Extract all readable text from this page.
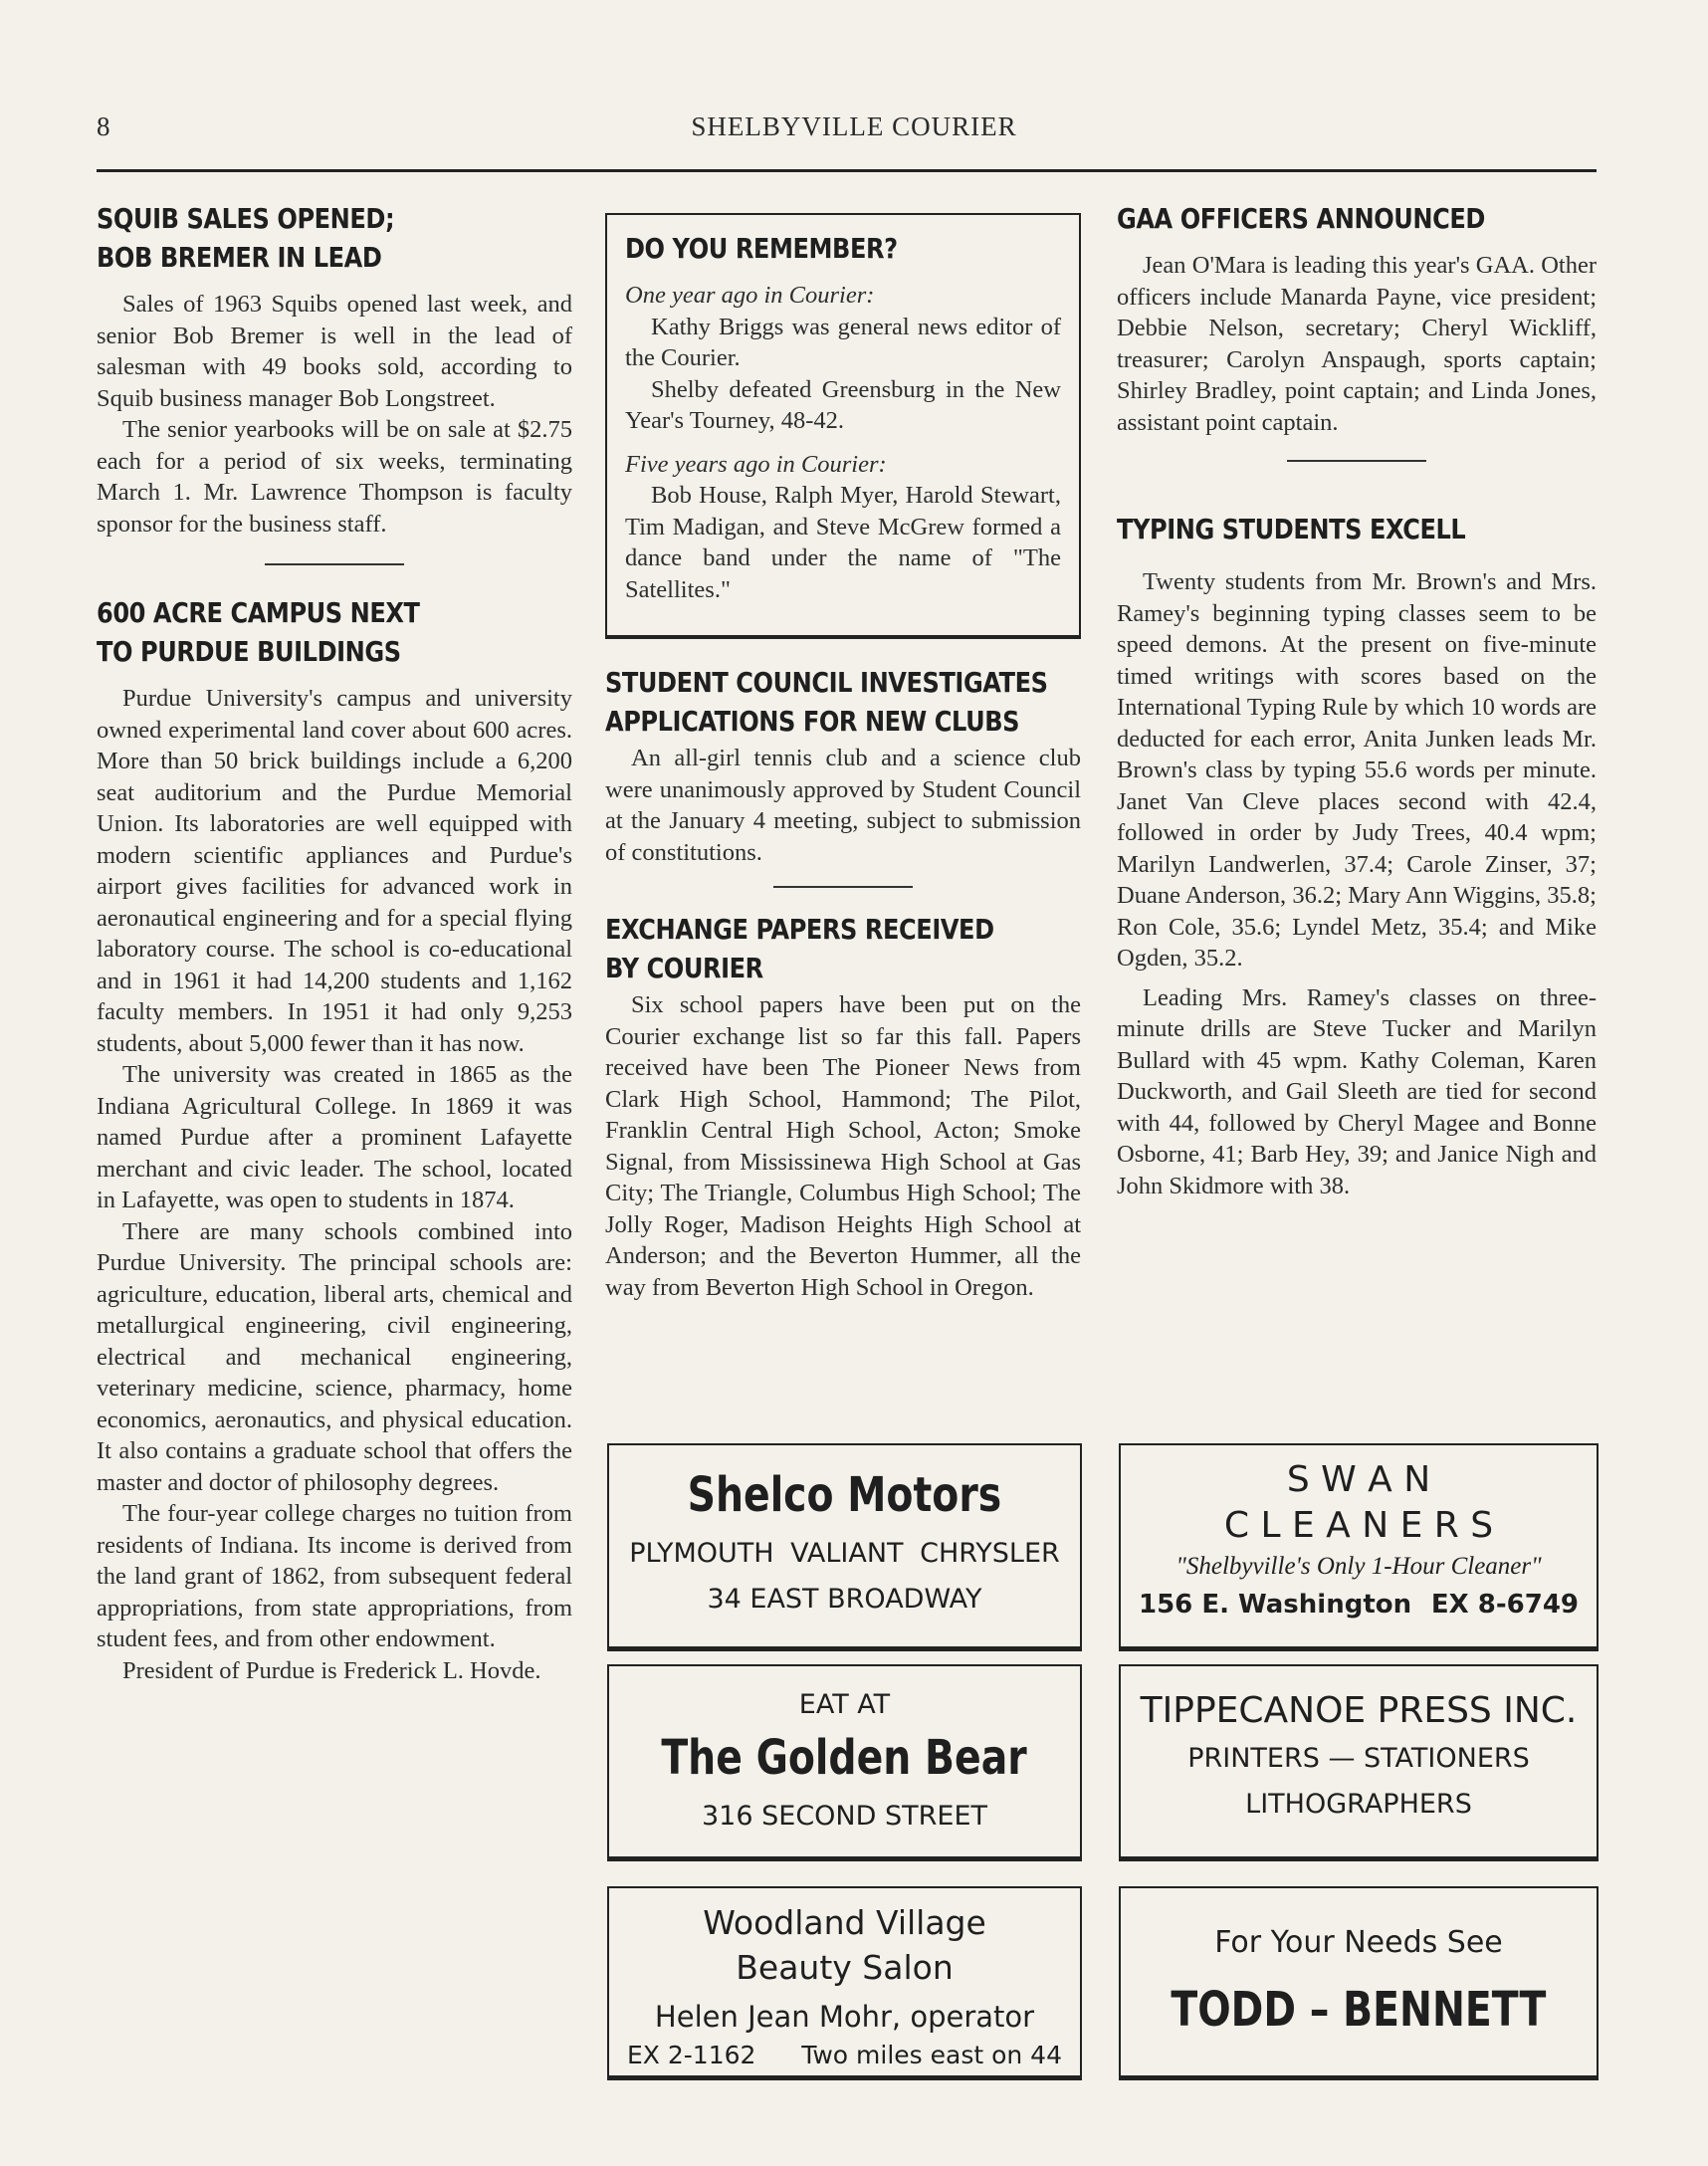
8	SHELBYVILLE COURIER
SQUIB SALES OPENED;
BOB BREMER IN LEAD

Sales of 1963 Squibs opened last week, and senior Bob Bremer is well in the lead of salesman with 49 books sold, according to Squib business manager Bob Longstreet.

The senior yearbooks will be on sale at $2.75 each for a period of six weeks, terminating March 1. Mr. Lawrence Thompson is faculty sponsor for the business staff.

600 ACRE CAMPUS NEXT
TO PURDUE BUILDINGS

Purdue University's campus and university owned experimental land cover about 600 acres. More than 50 brick buildings include a 6,200 seat auditorium and the Purdue Memorial Union. Its laboratories are well equipped with modern scientific appliances and Purdue's airport gives facilities for advanced work in aeronautical engineering and for a special flying laboratory course. The school is co-educational and in 1961 it had 14,200 students and 1,162 faculty members. In 1951 it had only 9,253 students, about 5,000 fewer than it has now.

The university was created in 1865 as the Indiana Agricultural College. In 1869 it was named Purdue after a prominent Lafayette merchant and civic leader. The school, located in Lafayette, was open to students in 1874.

There are many schools combined into Purdue University. The principal schools are: agriculture, education, liberal arts, chemical and metallurgical engineering, civil engineering, electrical and mechanical engineering, veterinary medicine, science, pharmacy, home economics, aeronautics, and physical education. It also contains a graduate school that offers the master and doctor of philosophy degrees.

The four-year college charges no tuition from residents of Indiana. Its income is derived from the land grant of 1862, from subsequent federal appropriations, from state appropriations, from student fees, and from other endowment.

President of Purdue is Frederick L. Hovde.

DO YOU REMEMBER?

One year ago in Courier:

Kathy Briggs was general news editor of the Courier.

Shelby defeated Greensburg in the New Year's Tourney, 48-42.

Five years ago in Courier:

Bob House, Ralph Myer, Harold Stewart, Tim Madigan, and Steve McGrew formed a dance band under the name of "The Satellites."

STUDENT COUNCIL INVESTIGATES
APPLICATIONS FOR NEW CLUBS

An all-girl tennis club and a science club were unanimously approved by Student Council at the January 4 meeting, subject to submission of constitutions.

EXCHANGE PAPERS RECEIVED
BY COURIER

Six school papers have been put on the Courier exchange list so far this fall. Papers received have been The Pioneer News from Clark High School, Hammond; The Pilot, Franklin Central High School, Acton; Smoke Signal, from Mississinewa High School at Gas City; The Triangle, Columbus High School; The Jolly Roger, Madison Heights High School at Anderson; and the Beverton Hummer, all the way from Beverton High School in Oregon.

GAA OFFICERS ANNOUNCED

Jean O'Mara is leading this year's GAA. Other officers include Manarda Payne, vice president; Debbie Nelson, secretary; Cheryl Wickliff, treasurer; Carolyn Anspaugh, sports captain; Shirley Bradley, point captain; and Linda Jones, assistant point captain.

TYPING STUDENTS EXCELL

Twenty students from Mr. Brown's and Mrs. Ramey's beginning typing classes seem to be speed demons. At the present on five-minute timed writings with scores based on the International Typing Rule by which 10 words are deducted for each error, Anita Junken leads Mr. Brown's class by typing 55.6 words per minute. Janet Van Cleve places second with 42.4, followed in order by Judy Trees, 40.4 wpm; Marilyn Landwerlen, 37.4; Carole Zinser, 37; Duane Anderson, 36.2; Mary Ann Wiggins, 35.8; Ron Cole, 35.6; Lyndel Metz, 35.4; and Mike Ogden, 35.2.

Leading Mrs. Ramey's classes on three-minute drills are Steve Tucker and Marilyn Bullard with 45 wpm. Kathy Coleman, Karen Duckworth, and Gail Sleeth are tied for second with 44, followed by Cheryl Magee and Bonne Osborne, 41; Barb Hey, 39; and Janice Nigh and John Skidmore with 38.

Shelco Motors
PLYMOUTH VALIANT CHRYSLER
34 EAST BROADWAY
EAT AT
The Golden Bear
316 SECOND STREET
Woodland Village
Beauty Salon
Helen Jean Mohr, operator
EX 2-1162 Two miles east on 44
S W A N
C L E A N E R S
"Shelbyville's Only 1-Hour Cleaner"
156 E. Washington EX 8-6749
TIPPECANOE PRESS INC.
PRINTERS — STATIONERS
LITHOGRAPHERS
For Your Needs See
TODD – BENNETT
